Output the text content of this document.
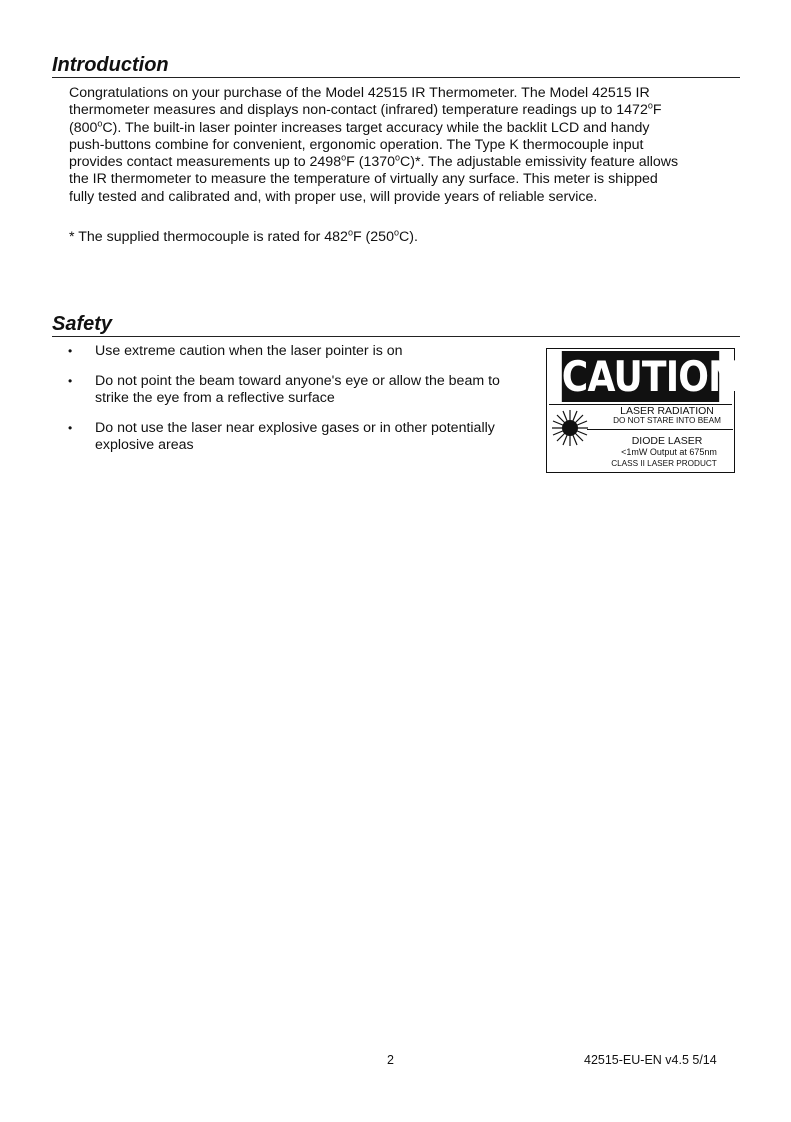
Introduction
Congratulations on your purchase of the Model 42515 IR Thermometer. The Model 42515 IR
thermometer measures and displays non-contact (infrared) temperature readings up to 1472$^o$F
(800$^o$C). The built-in laser pointer increases target accuracy while the backlit LCD and handy
push-buttons combine for convenient, ergonomic operation. The Type K thermocouple input
provides contact measurements up to 2498$^o$F (1370$^o$C)*. The adjustable emissivity feature allows
the IR thermometer to measure the temperature of virtually any surface. This meter is shipped
fully tested and calibrated and, with proper use, will provide years of reliable service.

* The supplied thermocouple is rated for 482$^o$F (250$^o$C).

Safety
• Use extreme caution when the laser pointer is on
• Do not point the beam toward anyone's eye or allow the beam to
strike the eye from a reflective surface
• Do not use the laser near explosive gases or in other potentially
explosive areas
CAUTION
LASER RADIATION
DO NOT STARE INTO BEAM
DIODE LASER
<1mW Output at 675nm
CLASS II LASER PRODUCT
2	42515-EU-EN v4.5 5/14
